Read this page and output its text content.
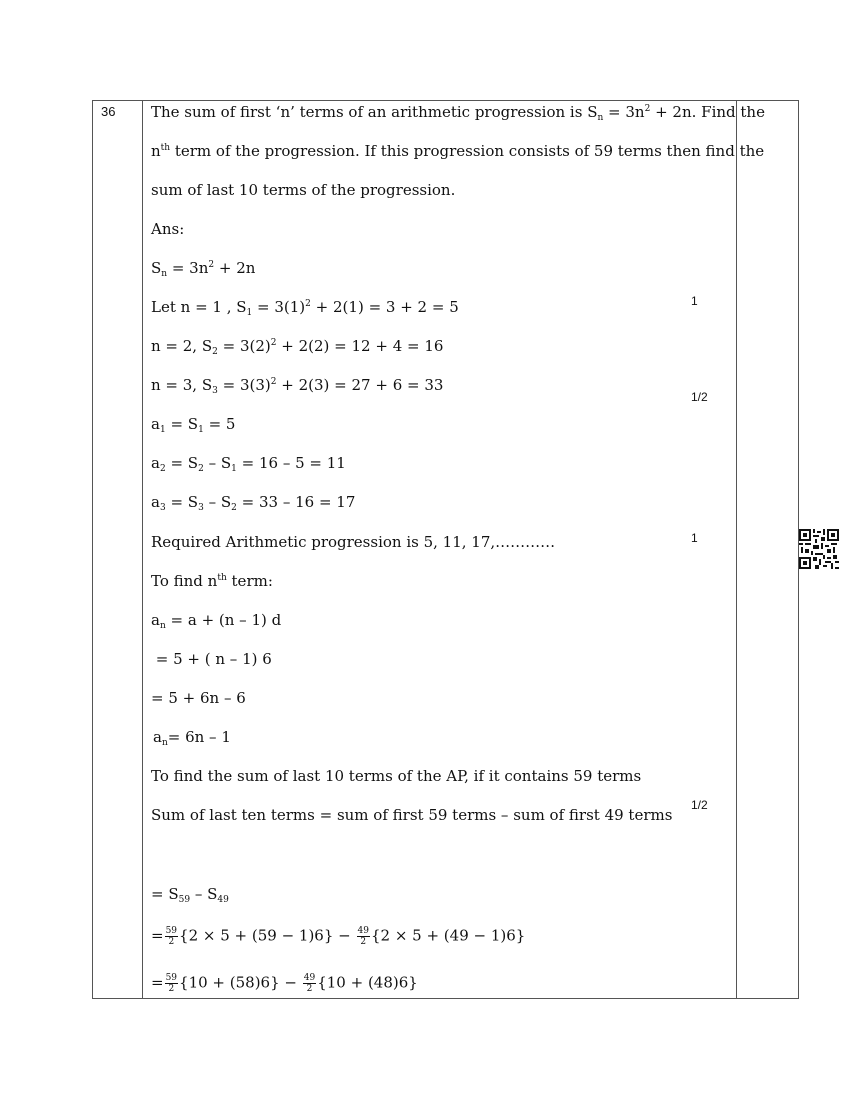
36 The sum of first ‘n’ terms of an arithmetic progression is $S_n = 3n^2 + 2n$. Find the
$n^{th}$ term of the progression. If this progression consists of 59 terms then find the
sum of last 10 terms of the progression.
Ans:
$S_n = 3n^2 + 2n$
Let n = 1 , $S_1 = 3(1)^2 + 2(1) = 3 + 2 = 5$
n = 2, $S_2 = 3(2)^2 + 2(2) = 12 + 4 = 16$
n = 3, $S_3 = 3(3)^2 + 2(3) = 27 + 6 = 33$
$a_1 = S_1 = 5$
$a_2 = S_2 - S_1 = 16 - 5 = 11$
$a_3 = S_3 - S_2 = 33 - 16 = 17$
Required Arithmetic progression is 5, 11, 17,…………
To find $n^{th}$ term:
$a_n = a + (n - 1)$ d
= 5 + ( n – 1) 6
= 5 + 6n – 6
$a_n= 6n - 1$
To find the sum of last 10 terms of the AP, if it contains 59 terms
Sum of last ten terms = sum of first 59 terms – sum of first 49 terms
= $S_{59} - S_{49}$
= $\frac{59}{2} \{2 \times 5 + (59 - 1)6\} - \frac{49}{2} \{2 \times 5 + (49 - 1)6\}$
= $\frac{59}{2} \{10 + (58)6\} - \frac{49}{2} \{10 + (48)6\}$
1
1/2
1
1/2
